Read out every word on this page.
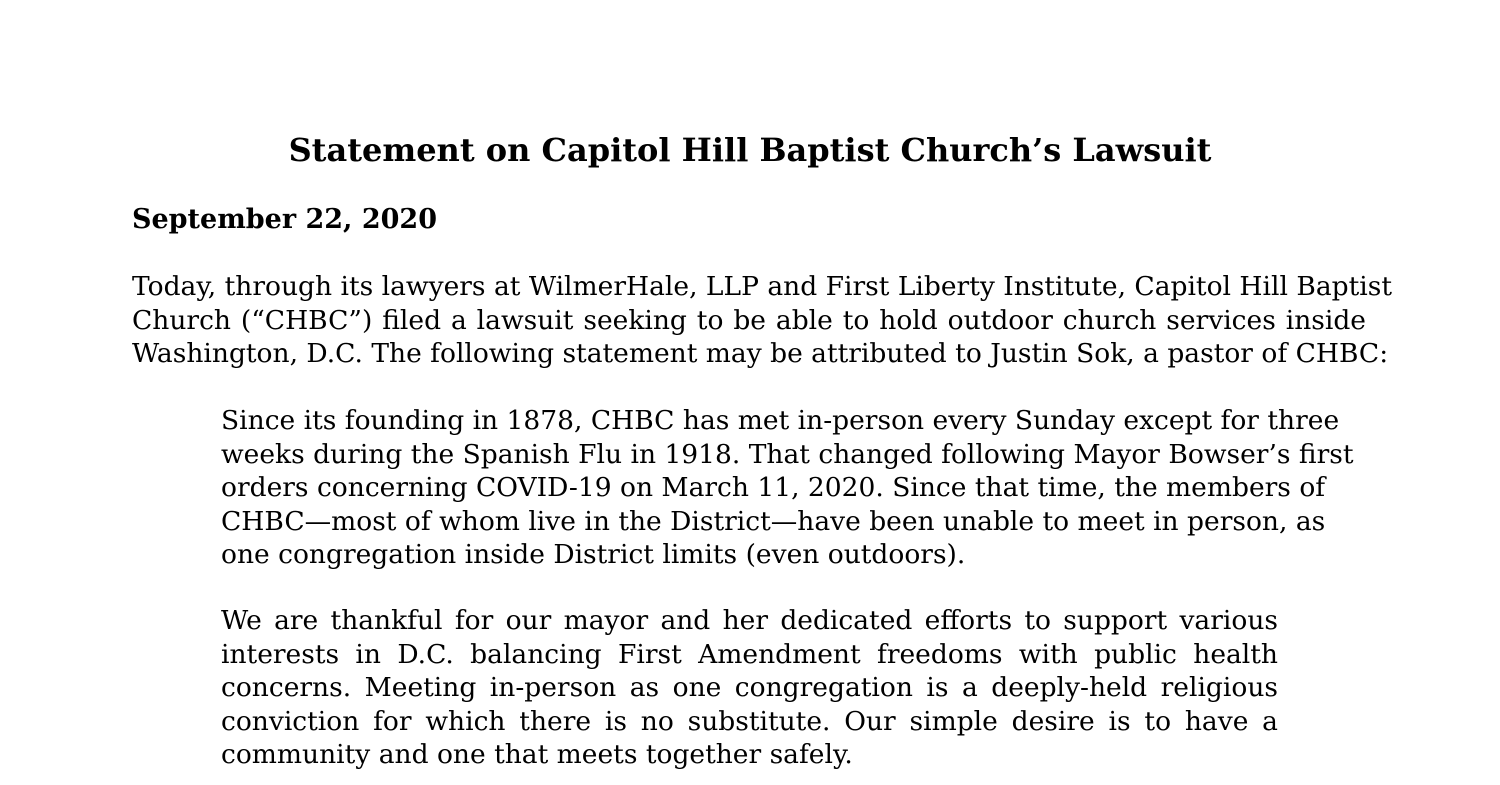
Statement on Capitol Hill Baptist Church’s Lawsuit
September 22, 2020
Today, through its lawyers at WilmerHale, LLP and First Liberty Institute, Capitol Hill Baptist
Church (“CHBC”) filed a lawsuit seeking to be able to hold outdoor church services inside
Washington, D.C. The following statement may be attributed to Justin Sok, a pastor of CHBC:
Since its founding in 1878, CHBC has met in-person every Sunday except for three
weeks during the Spanish Flu in 1918. That changed following Mayor Bowser’s first
orders concerning COVID-19 on March 11, 2020. Since that time, the members of
CHBC—most of whom live in the District—have been unable to meet in person, as
one congregation inside District limits (even outdoors).
We are thankful for our mayor and her dedicated efforts to support various
interests in D.C. balancing First Amendment freedoms with public health
concerns. Meeting in-person as one congregation is a deeply-held religious
conviction for which there is no substitute. Our simple desire is to have a
community and one that meets together safely.
